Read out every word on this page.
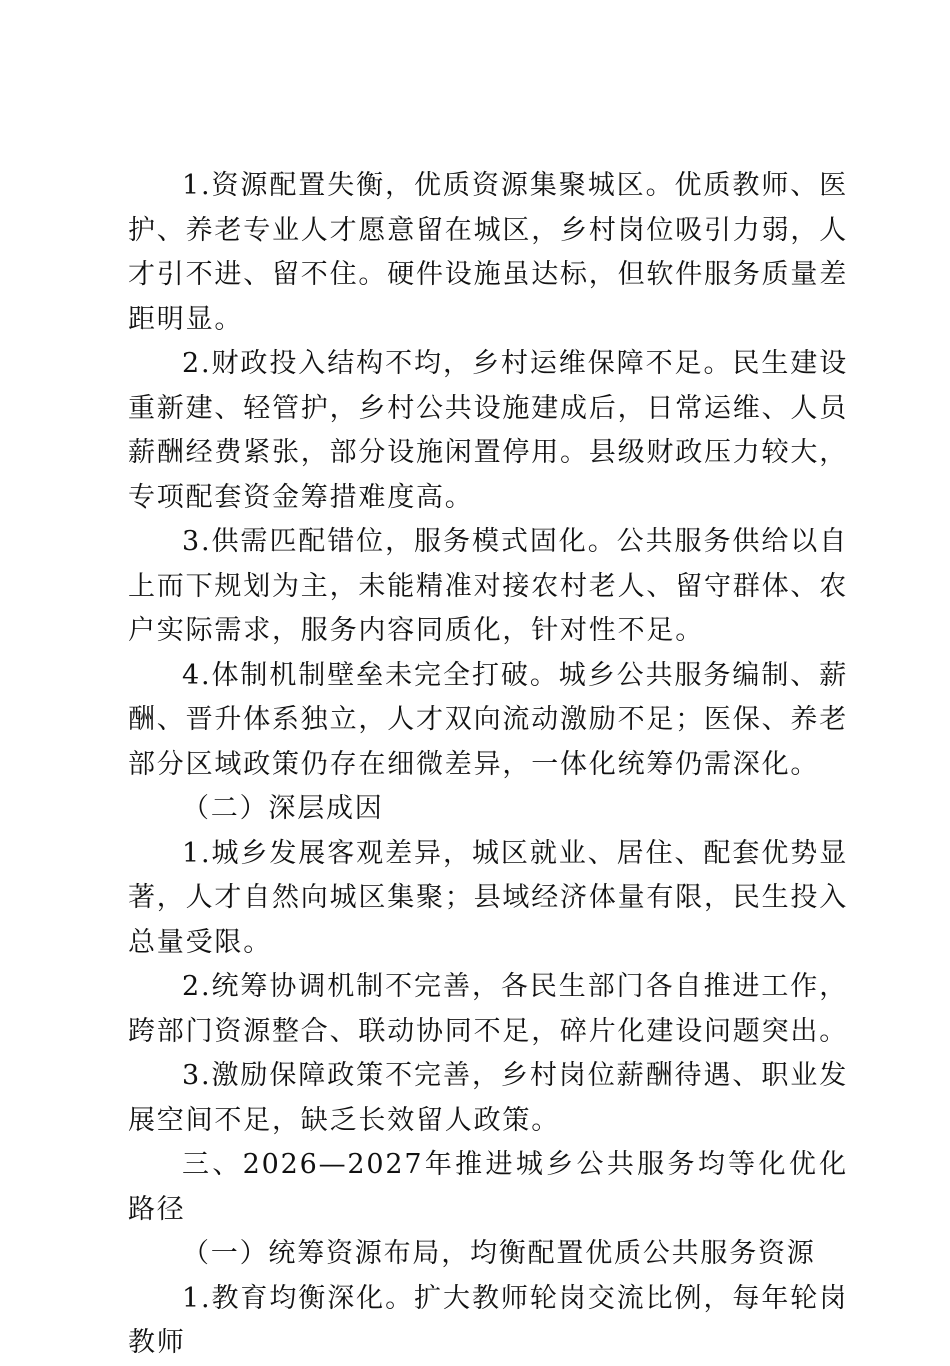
1.资源配置失衡，优质资源集聚城区。优质教师、医护、养老专业人才愿意留在城区，乡村岗位吸引力弱，人才引不进、留不住。硬件设施虽达标，但软件服务质量差距明显。

2.财政投入结构不均，乡村运维保障不足。民生建设重新建、轻管护，乡村公共设施建成后，日常运维、人员薪酬经费紧张，部分设施闲置停用。县级财政压力较大，专项配套资金筹措难度高。

3.供需匹配错位，服务模式固化。公共服务供给以自上而下规划为主，未能精准对接农村老人、留守群体、农户实际需求，服务内容同质化，针对性不足。

4.体制机制壁垒未完全打破。城乡公共服务编制、薪酬、晋升体系独立，人才双向流动激励不足；医保、养老部分区域政策仍存在细微差异，一体化统筹仍需深化。

（二）深层成因

1.城乡发展客观差异，城区就业、居住、配套优势显著，人才自然向城区集聚；县域经济体量有限，民生投入总量受限。

2.统筹协调机制不完善，各民生部门各自推进工作，跨部门资源整合、联动协同不足，碎片化建设问题突出。

3.激励保障政策不完善，乡村岗位薪酬待遇、职业发展空间不足，缺乏长效留人政策。

三、2026—2027年推进城乡公共服务均等化优化路径

（一）统筹资源布局，均衡配置优质公共服务资源

1.教育均衡深化。扩大教师轮岗交流比例，每年轮岗教师
